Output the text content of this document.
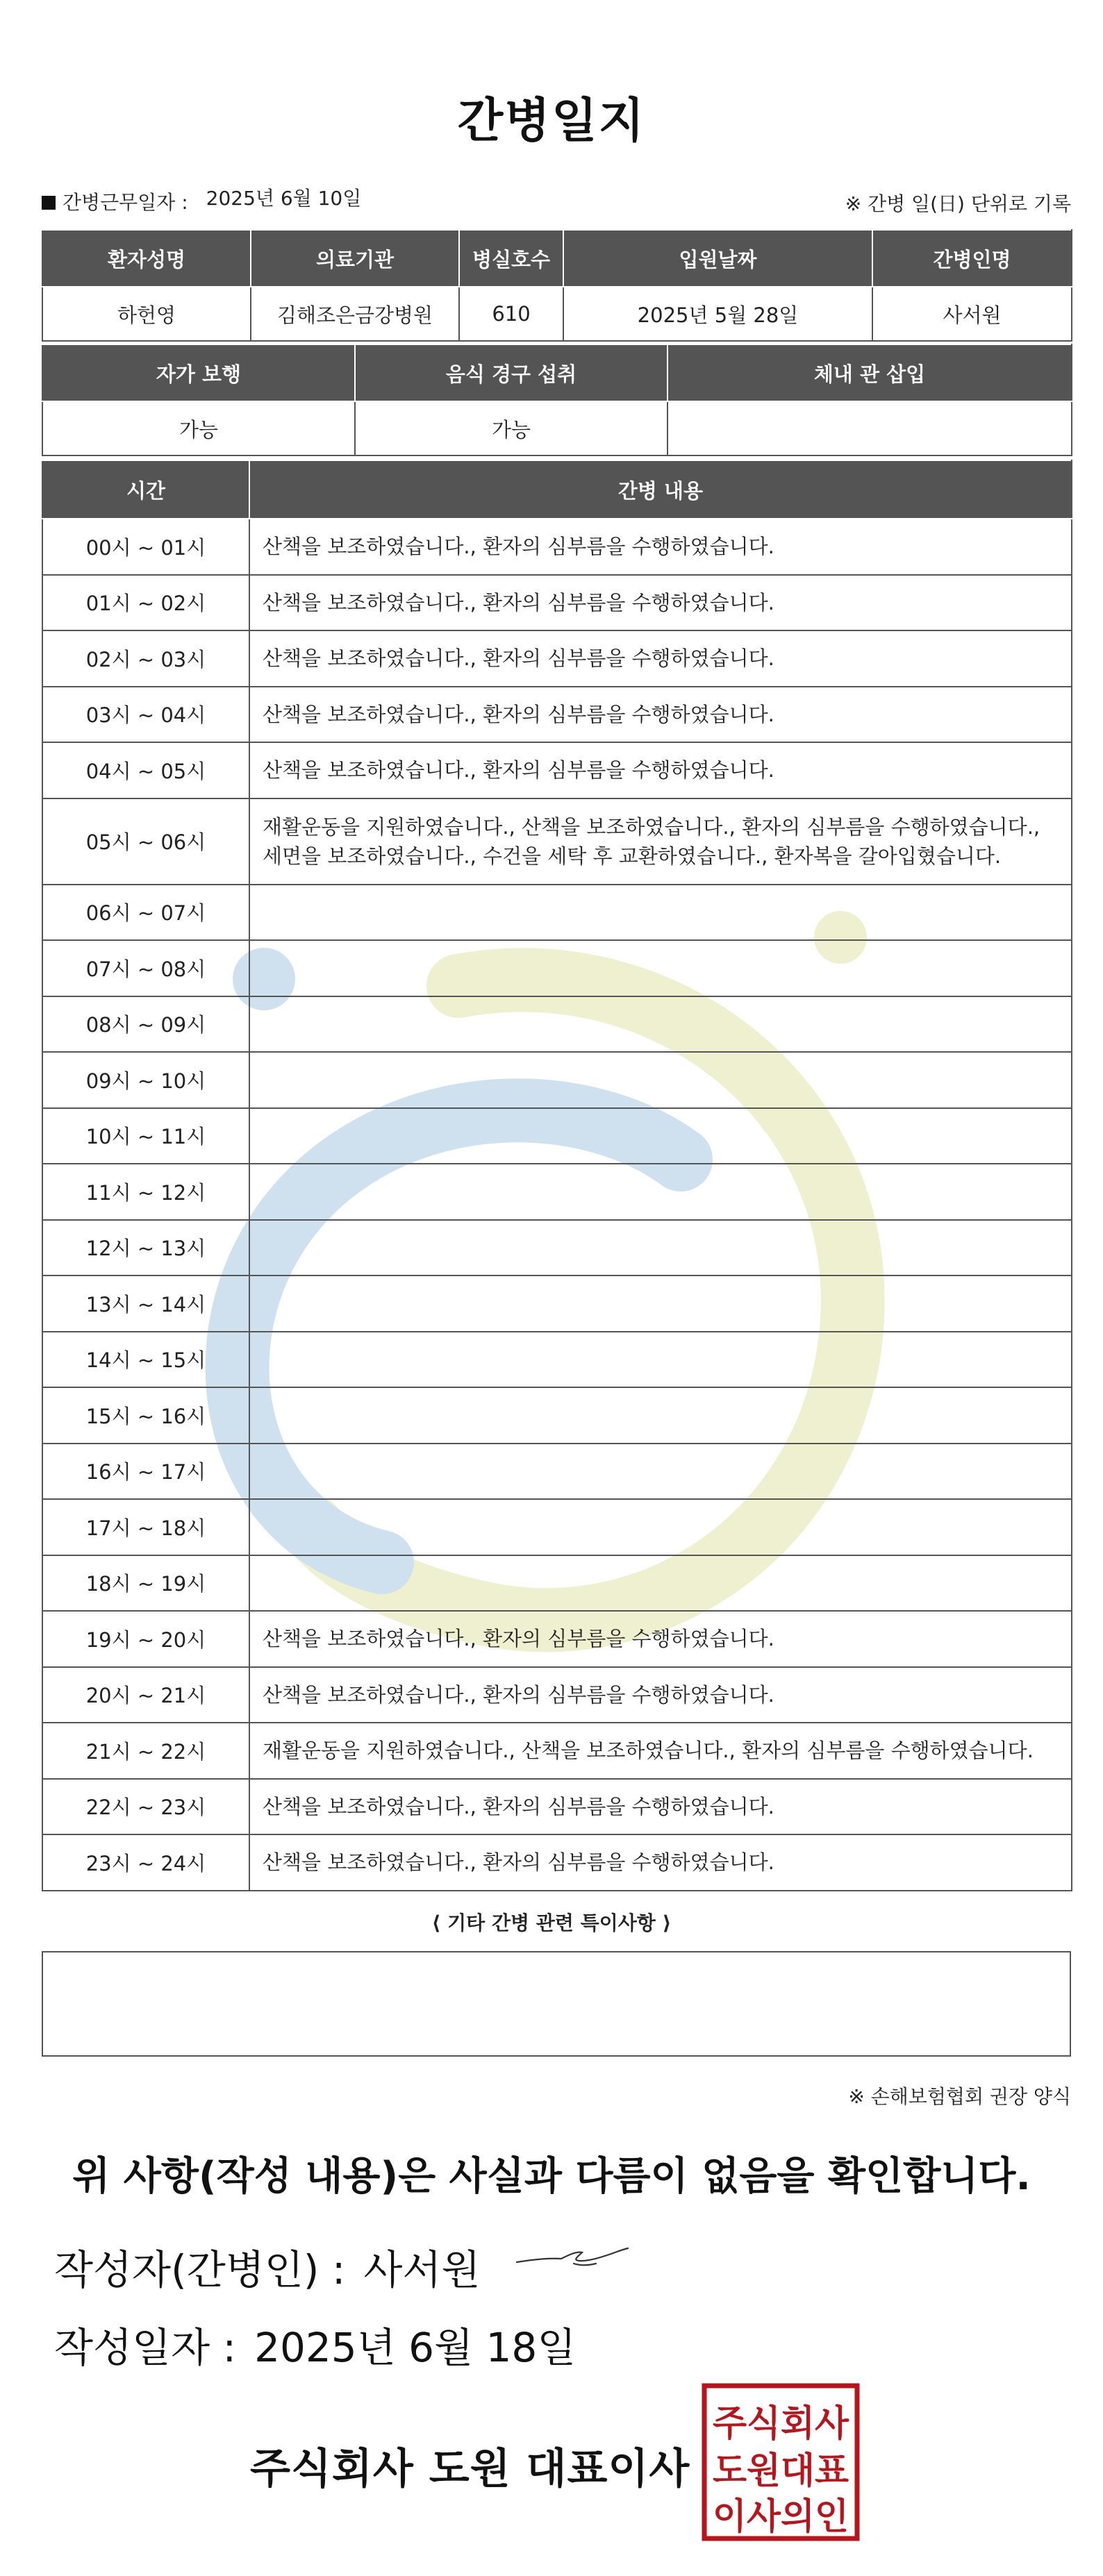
간병일지
간병근무일자 : 2025년 6월 10일	※ 간병 일(日) 단위로 기록
환자성명	의료기관	병실호수	입원날짜	간병인명
하헌영	김해조은금강병원	610	2025년 5월 28일	사서원
자가 보행	음식 경구 섭취	체내 관 삽입
가능	가능	
시간	간병 내용
00시 ~ 01시	산책을 보조하였습니다., 환자의 심부름을 수행하였습니다.
01시 ~ 02시	산책을 보조하였습니다., 환자의 심부름을 수행하였습니다.
02시 ~ 03시	산책을 보조하였습니다., 환자의 심부름을 수행하였습니다.
03시 ~ 04시	산책을 보조하였습니다., 환자의 심부름을 수행하였습니다.
04시 ~ 05시	산책을 보조하였습니다., 환자의 심부름을 수행하였습니다.
05시 ~ 06시	재활운동을 지원하였습니다., 산책을 보조하였습니다., 환자의 심부름을 수행하였습니다., 세면을 보조하였습니다., 수건을 세탁 후 교환하였습니다., 환자복을 갈아입혔습니다.
06시 ~ 07시	
07시 ~ 08시	
08시 ~ 09시	
09시 ~ 10시	
10시 ~ 11시	
11시 ~ 12시	
12시 ~ 13시	
13시 ~ 14시	
14시 ~ 15시	
15시 ~ 16시	
16시 ~ 17시	
17시 ~ 18시	
18시 ~ 19시	
19시 ~ 20시	산책을 보조하였습니다., 환자의 심부름을 수행하였습니다.
20시 ~ 21시	산책을 보조하였습니다., 환자의 심부름을 수행하였습니다.
21시 ~ 22시	재활운동을 지원하였습니다., 산책을 보조하였습니다., 환자의 심부름을 수행하였습니다.
22시 ~ 23시	산책을 보조하였습니다., 환자의 심부름을 수행하였습니다.
23시 ~ 24시	산책을 보조하였습니다., 환자의 심부름을 수행하였습니다.
⟨ 기타 간병 관련 특이사항 ⟩
※ 손해보험협회 권장 양식
위 사항(작성 내용)은 사실과 다름이 없음을 확인합니다.
작성자(간병인) : 사서원
작성일자 : 2025년 6월 18일
주식회사 도원 대표이사
주식회사
도원대표
이사의인
